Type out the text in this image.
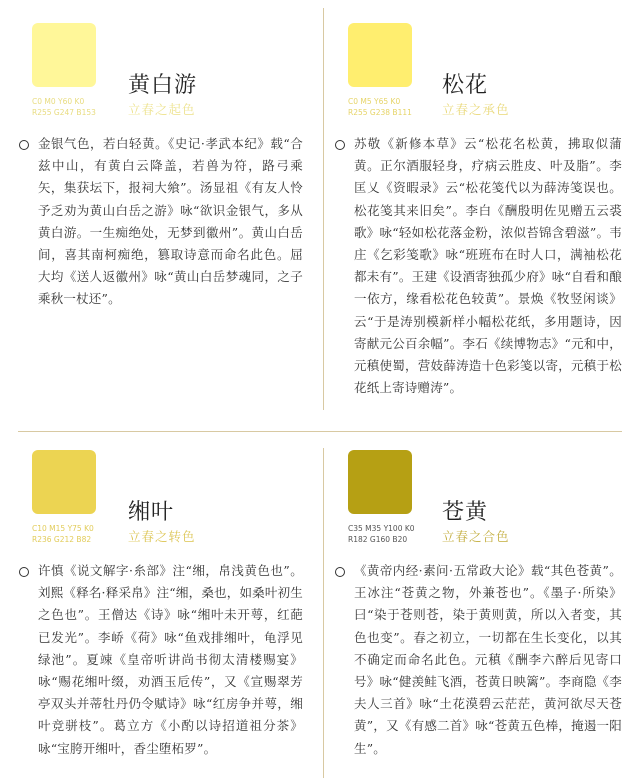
黄白游
C0 M0 Y60 K0
R255 G247 B153	立春之起色
金银气色，若白轻黄。《史记·孝武本纪》载“合兹中山，有黄白云降盖，若兽为符，路弓乘矢，集获坛下，报祠大飨”。汤显祖《有友人怜予乏劝为黄山白岳之游》咏“欲识金银气，多从黄白游。一生痴绝处，无梦到徽州”。黄山白岳间，喜其南柯痴绝，篡取诗意而命名此色。屈大均《送人返徽州》咏“黄山白岳梦魂同，之子乘秋一杖还”。
松花
C0 M5 Y65 K0
R255 G238 B111 立春之承色
苏敬《新修本草》云“松花名松黄，拂取似蒲黄。正尔酒服轻身，疗病云胜皮、叶及脂”。李匡乂《资暇录》云“松花笺代以为薛涛笺误也。松花笺其来旧矣”。李白《酬殷明佐见赠五云裘歌》咏“轻如松花落金粉，浓似苔锦含碧滋”。韦庄《乞彩笺歌》咏“班班布在时人口，满袖松花都未有”。王建《设酒寄独孤少府》咏“自看和酿一依方，缘看松花色较黄”。景焕《牧竖闲谈》云“于是涛别模新样小幅松花纸，多用题诗，因寄献元公百余幅”。李石《续博物志》“元和中，元稹使蜀，营妓薛涛造十色彩笺以寄，元稹于松花纸上寄诗赠涛”。
缃叶
C10 M15 Y75 K0
R236 G212 B82	立春之转色
许慎《说文解字·糸部》注“缃，帛浅黄色也”。刘熙《释名·释采帛》注“缃，桑也，如桑叶初生之色也”。王僧达《诗》咏“缃叶未开萼，红葩已发光”。李峤《荷》咏“鱼戏排缃叶，龟浮见绿池”。夏竦《皇帝听讲尚书彻太清楼赐宴》咏“赐花缃叶缀，劝酒玉卮传”，又《宣赐翠芳亭双头并蒂牡丹仍令赋诗》咏“红房争并萼，缃叶竞骈枝”。葛立方《小酌以诗招道祖分茶》咏“宝胯开缃叶，香尘堕柘罗”。
苍黄
C35 M35 Y100 K0
R182 G160 B20	立春之合色
《黄帝内经·素问·五常政大论》载“其色苍黄”。王冰注“苍黄之物，外兼苍也”。《墨子·所染》曰“染于苍则苍，染于黄则黄，所以入者变，其色也变”。春之初立，一切都在生长变化，以其不确定而命名此色。元稹《酬李六醉后见寄口号》咏“健羡鲑飞酒，苍黄日映篱”。李商隐《李夫人三首》咏“土花漠碧云茫茫，黄河欲尽天苍黄”，又《有感二首》咏“苍黄五色棒，掩遏一阳生”。
